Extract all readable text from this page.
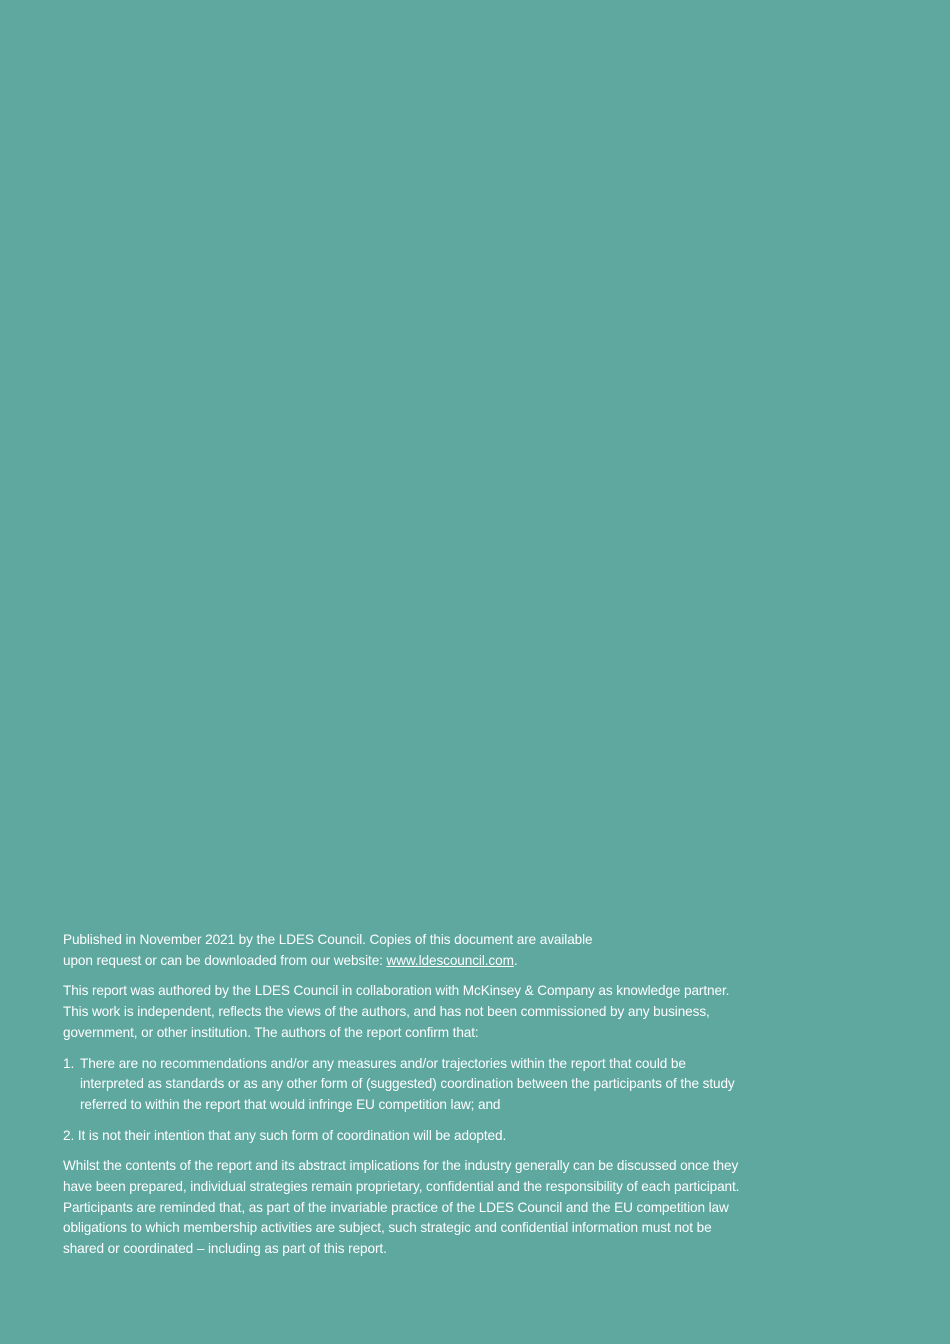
Published in November 2021 by the LDES Council. Copies of this document are available
upon request or can be downloaded from our website: www.ldescouncil.com.

This report was authored by the LDES Council in collaboration with McKinsey & Company as knowledge partner. This work is independent, reflects the views of the authors, and has not been commissioned by any business, government, or other institution. The authors of the report confirm that:

1. There are no recommendations and/or any measures and/or trajectories within the report that could be interpreted as standards or as any other form of (suggested) coordination between the participants of the study referred to within the report that would infringe EU competition law; and
2.
It is not their intention that any such form of coordination will be adopted.

Whilst the contents of the report and its abstract implications for the industry generally can be discussed once they have been prepared, individual strategies remain proprietary, confidential and the responsibility of each participant. Participants are reminded that, as part of the invariable practice of the LDES Council and the EU competition law obligations to which membership activities are subject, such strategic and confidential information must not be shared or coordinated – including as part of this report.
